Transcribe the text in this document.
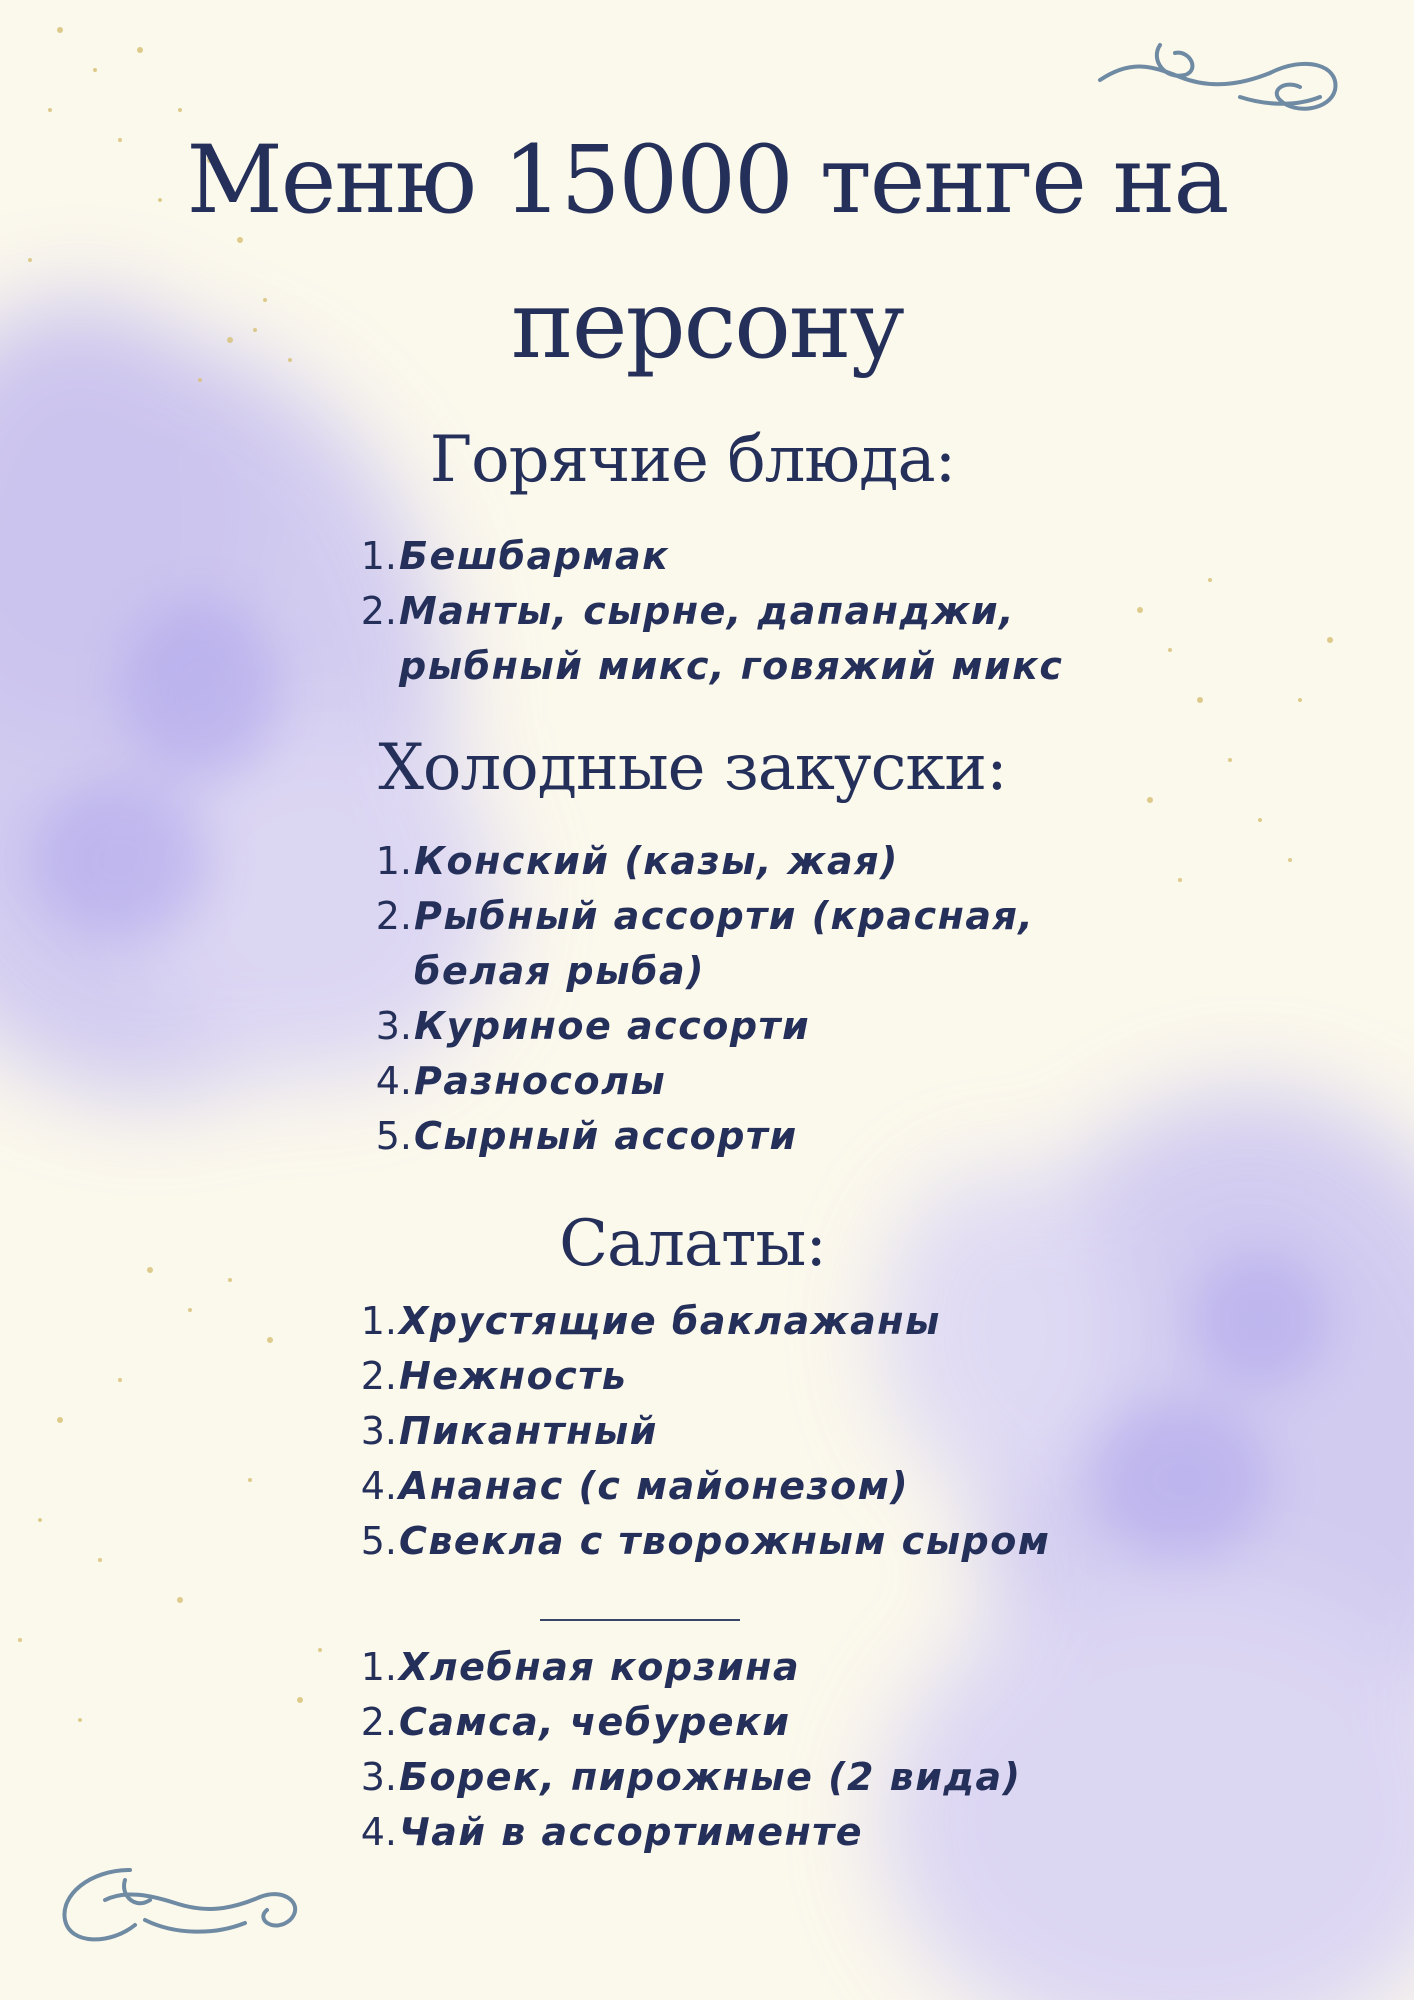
Меню 15000 тенге на персону
Горячие блюда:
1. Бешбармак
2. Манты, сырне, дапанджи,
рыбный микс, говяжий микс
Холодные закуски:
1. Конский (казы, жая)
2. Рыбный ассорти (красная,
белая рыба)
3. Куриное ассорти
4. Разносолы
5. Сырный ассорти
Салаты:
1. Хрустящие баклажаны
2. Нежность
3. Пикантный
4. Ананас (с майонезом)
5. Свекла с творожным сыром
1. Хлебная корзина
2. Самса, чебуреки
3. Борек, пирожные (2 вида)
4. Чай в ассортименте
